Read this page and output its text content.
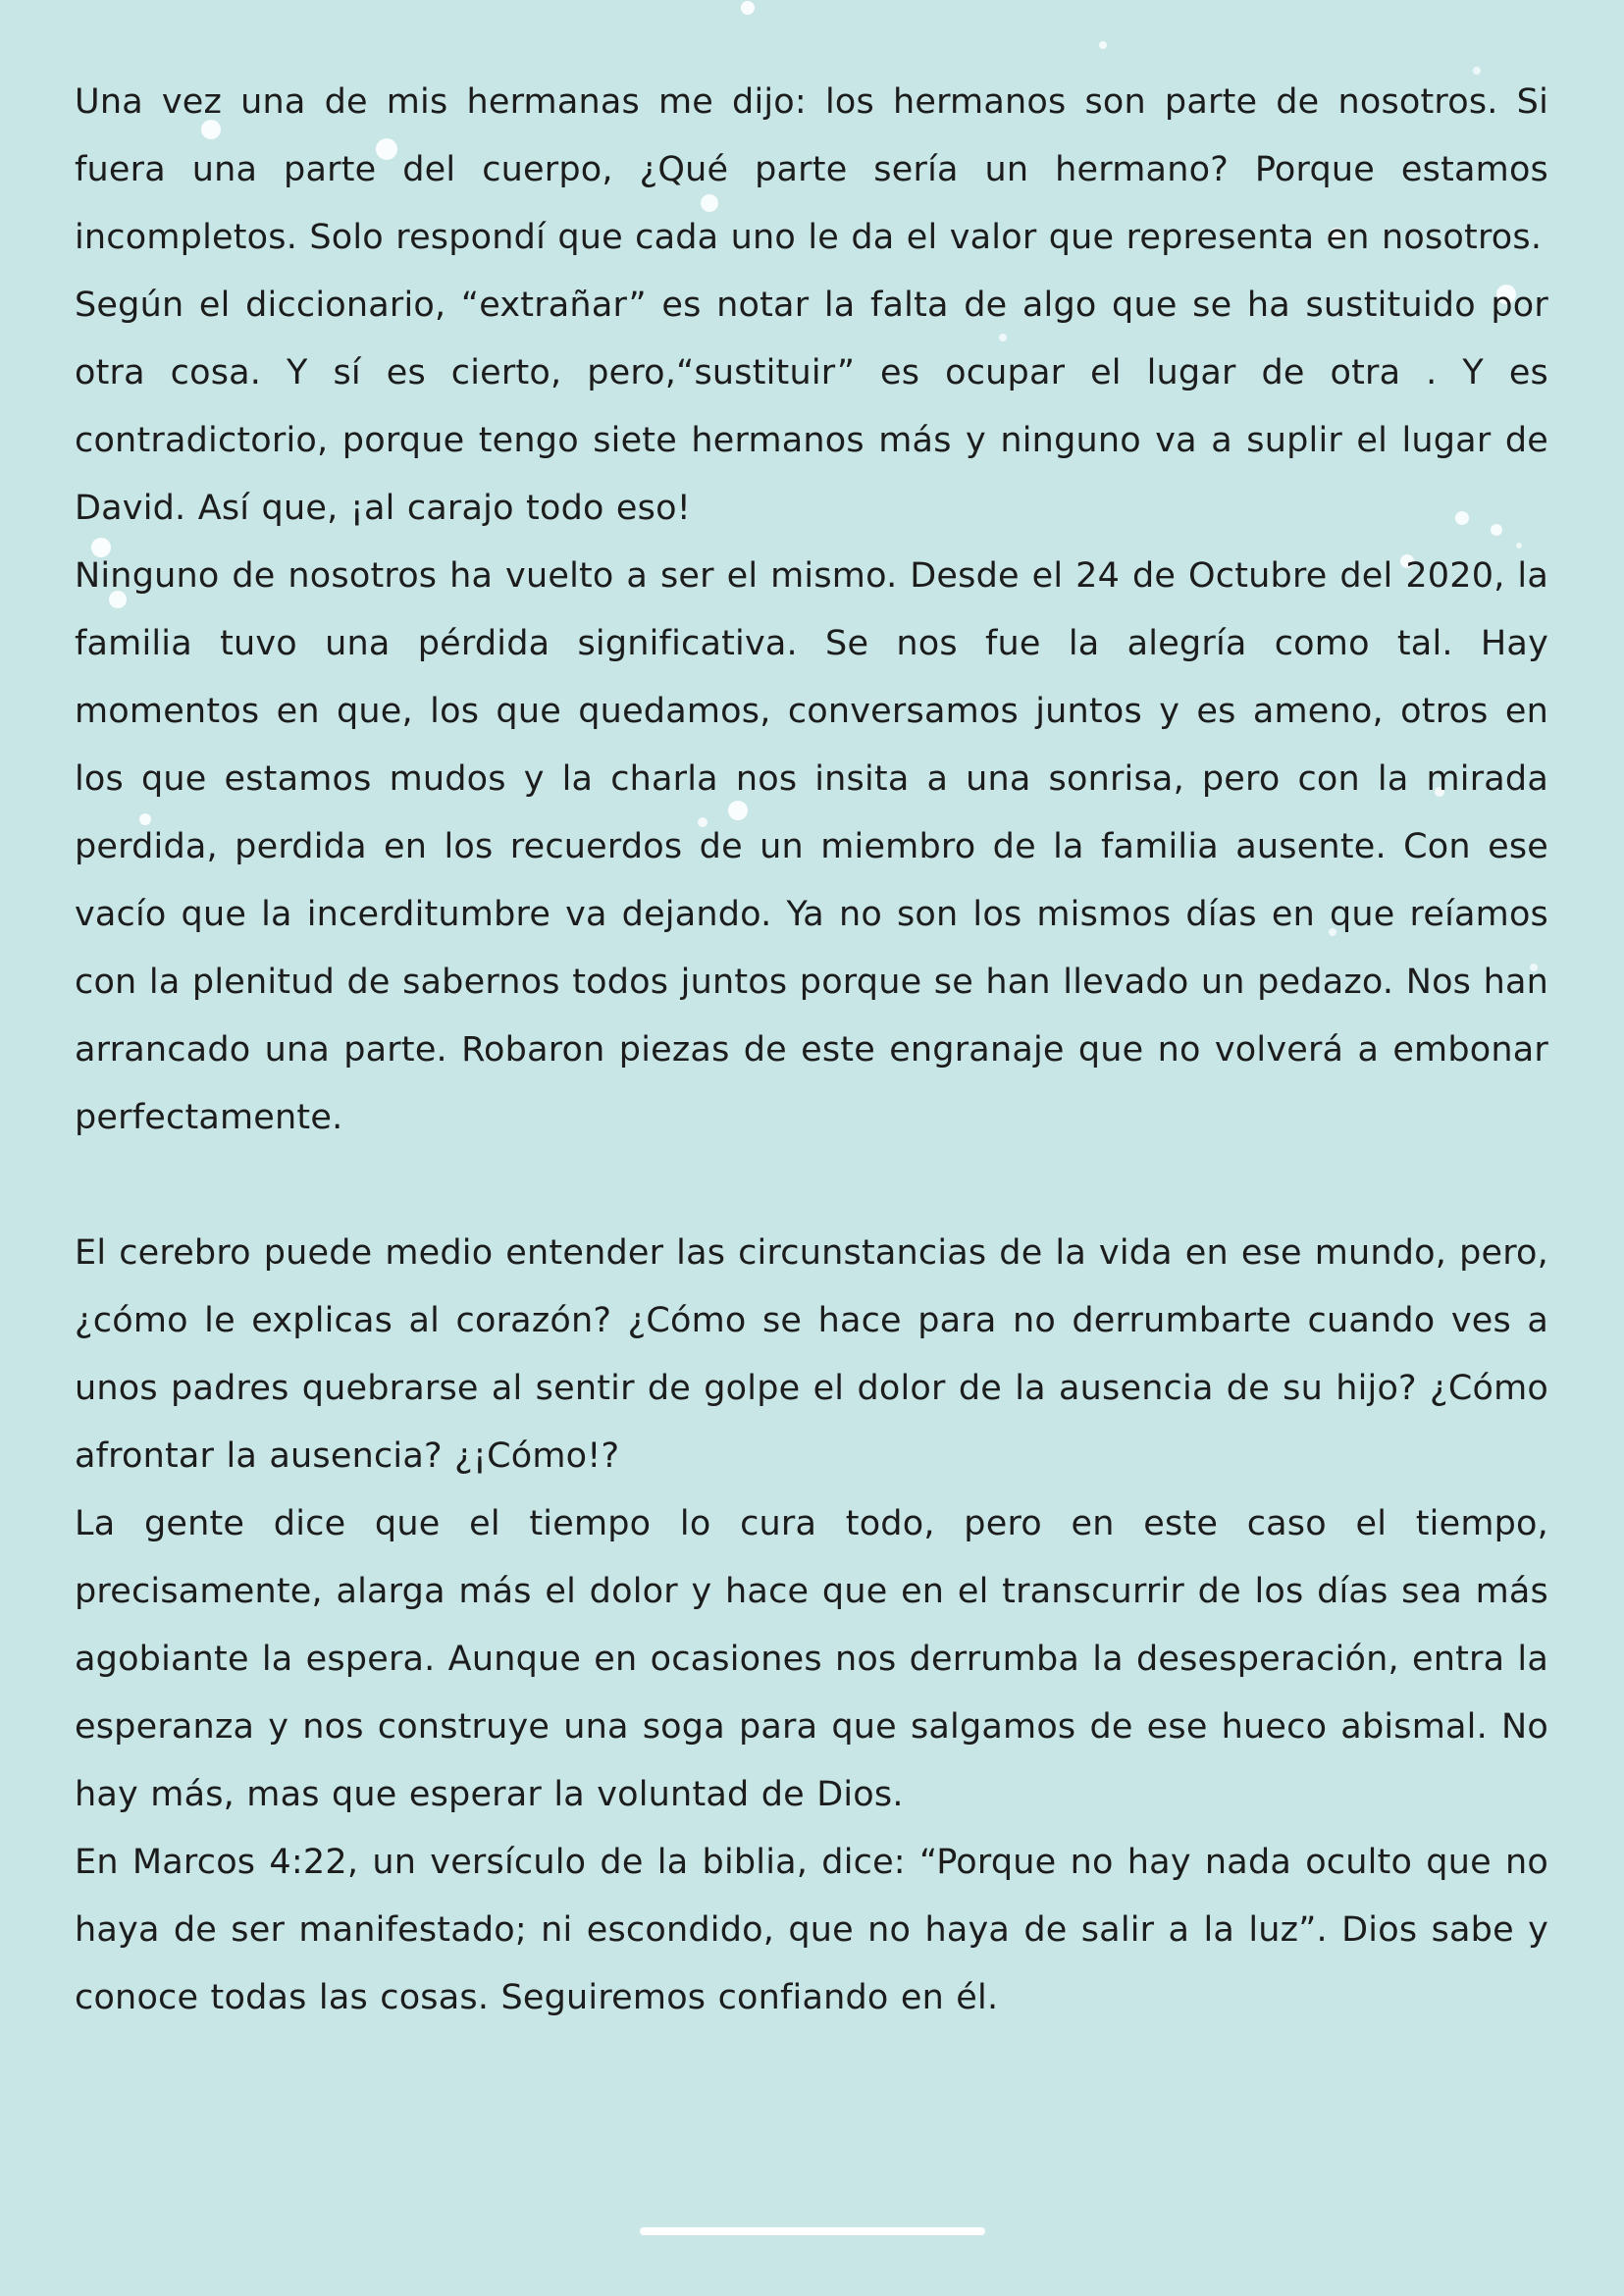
Una vez una de mis hermanas me dijo: los hermanos son parte de nosotros. Si fuera una parte del cuerpo, ¿Qué parte sería un hermano? Porque estamos incompletos. Solo respondí que cada uno le da el valor que representa en nosotros.

Según el diccionario, “extrañar” es notar la falta de algo que se ha sustituido por otra cosa. Y sí es cierto, pero,“sustituir” es ocupar el lugar de otra . Y es contradictorio, porque tengo siete hermanos más y ninguno va a suplir el lugar de David. Así que, ¡al carajo todo eso!

Ninguno de nosotros ha vuelto a ser el mismo. Desde el 24 de Octubre del 2020, la familia tuvo una pérdida significativa. Se nos fue la alegría como tal. Hay momentos en que, los que quedamos, conversamos juntos y es ameno, otros en los que estamos mudos y la charla nos insita a una sonrisa, pero con la mirada perdida, perdida en los recuerdos de un miembro de la familia ausente. Con ese vacío que la incerditumbre va dejando. Ya no son los mismos días en que reíamos con la plenitud de sabernos todos juntos porque se han llevado un pedazo. Nos han arrancado una parte. Robaron piezas de este engranaje que no volverá a embonar perfectamente.

El cerebro puede medio entender las circunstancias de la vida en ese mundo, pero, ¿cómo le explicas al corazón? ¿Cómo se hace para no derrumbarte cuando ves a unos padres quebrarse al sentir de golpe el dolor de la ausencia de su hijo? ¿Cómo afrontar la ausencia? ¿¡Cómo!?

La gente dice que el tiempo lo cura todo, pero en este caso el tiempo, precisamente, alarga más el dolor y hace que en el transcurrir de los días sea más agobiante la espera. Aunque en ocasiones nos derrumba la desesperación, entra la esperanza y nos construye una soga para que salgamos de ese hueco abismal. No hay más, mas que esperar la voluntad de Dios.

En Marcos 4:22, un versículo de la biblia, dice: “Porque no hay nada oculto que no haya de ser manifestado; ni escondido, que no haya de salir a la luz”. Dios sabe y conoce todas las cosas. Seguiremos confiando en él.
